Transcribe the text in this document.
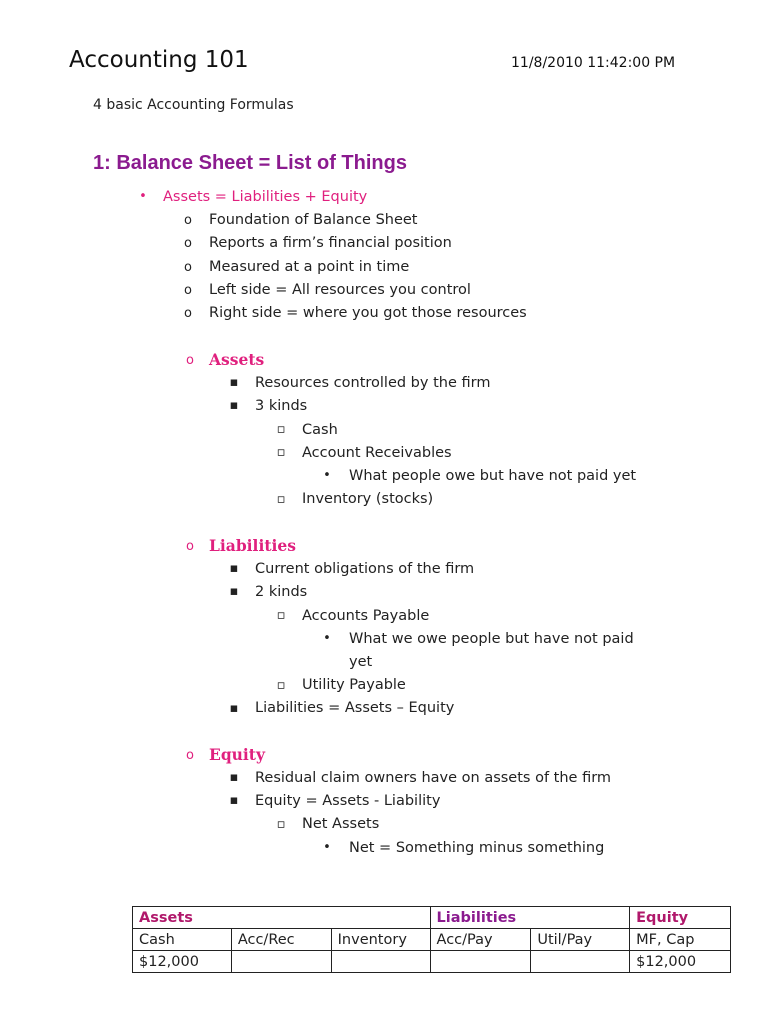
Accounting 101	11/8/2010 11:42:00 PM
4 basic Accounting Formulas
1: Balance Sheet = List of Things
• Assets = Liabilities + Equity
o Foundation of Balance Sheet
o Reports a firm’s financial position
o Measured at a point in time
o Left side = All resources you control
o Right side = where you got those resources
o Assets
▪ Resources controlled by the firm
▪ 3 kinds
▫ Cash
▫ Account Receivables
• What people owe but have not paid yet
▫ Inventory (stocks)
o Liabilities
▪ Current obligations of the firm
▪ 2 kinds
▫ Accounts Payable
• What we owe people but have not paid
yet
▫ Utility Payable
▪ Liabilities = Assets – Equity
o Equity
▪ Residual claim owners have on assets of the firm
▪ Equity = Assets - Liability
▫ Net Assets
• Net = Something minus something
Assets			Liabilities		Equity
Cash	Acc/Rec	Inventory	Acc/Pay	Util/Pay	MF, Cap
$12,000					$12,000
